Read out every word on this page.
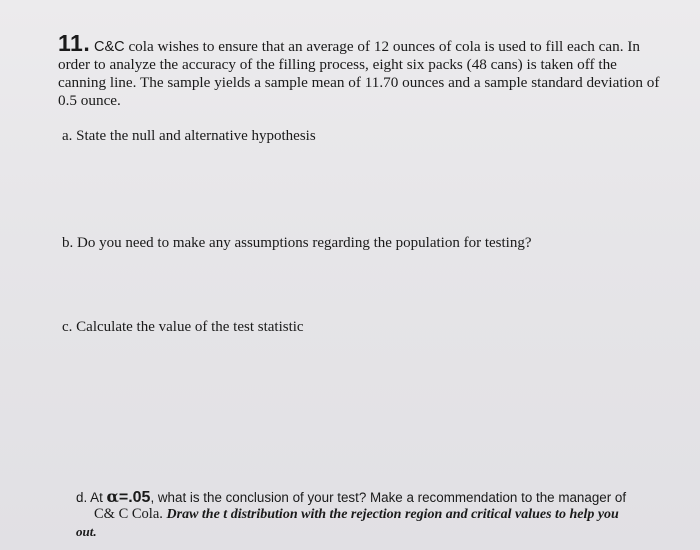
11. C&C cola wishes to ensure that an average of 12 ounces of cola is used to fill each can. In order to analyze the accuracy of the filling process, eight six packs (48 cans) is taken off the canning line. The sample yields a sample mean of 11.70 ounces and a sample standard deviation of 0.5 ounce.

a. State the null and alternative hypothesis

b. Do you need to make any assumptions regarding the population for testing?

c. Calculate the value of the test statistic

d. At α=.05, what is the conclusion of your test? Make a recommendation to the manager of
C& C Cola. Draw the t distribution with the rejection region and critical values to help you
out.
